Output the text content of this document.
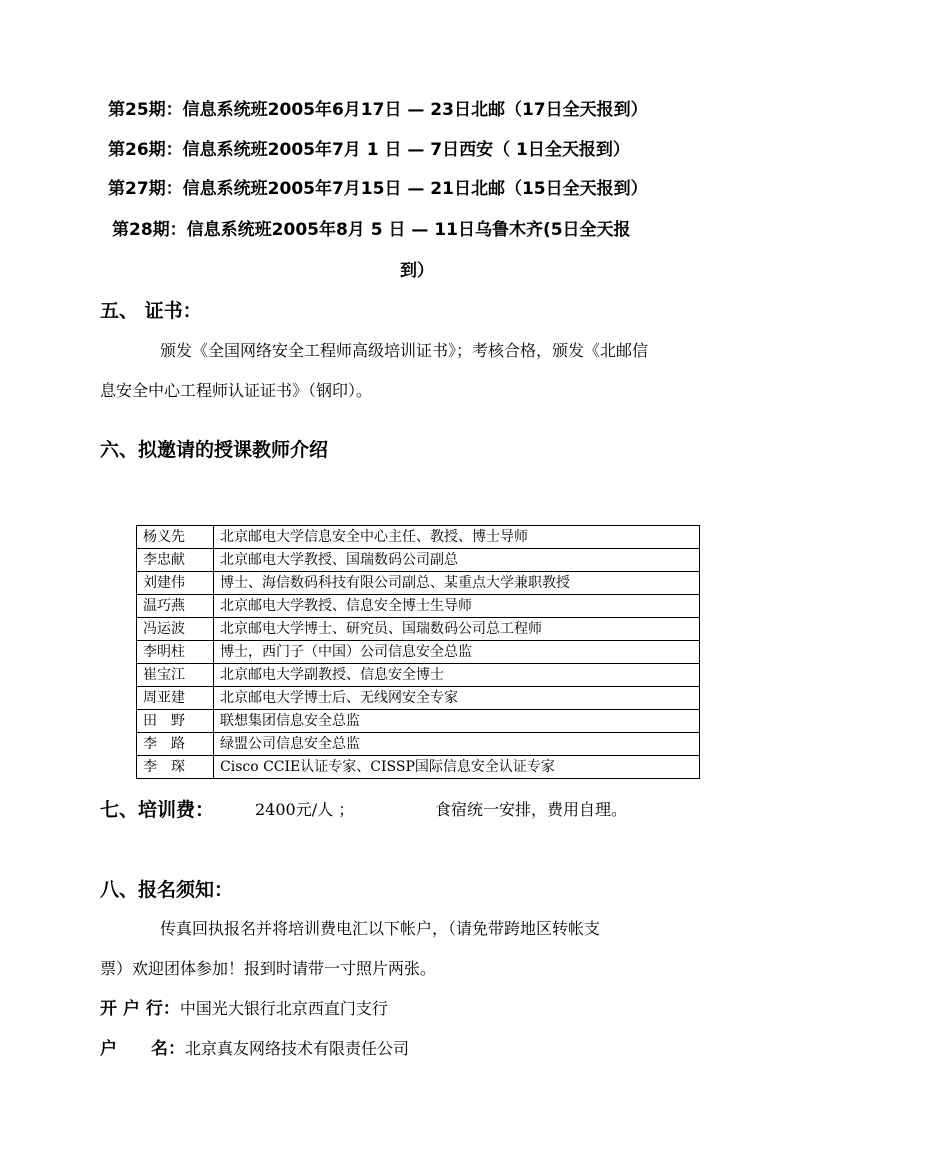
第25期：信息系统班2005年6月17日 — 23日北邮（17日全天报到）
第26期：信息系统班2005年7月 1 日 — 7日西安（ 1日全天报到）
第27期：信息系统班2005年7月15日 — 21日北邮（15日全天报到）
第28期：信息系统班2005年8月 5 日 — 11日乌鲁木齐(5日全天报
到）
五、 证书：
颁发《全国网络安全工程师高级培训证书》；考核合格，颁发《北邮信
息安全中心工程师认证证书》（钢印）。
六、拟邀请的授课教师介绍
杨义先	北京邮电大学信息安全中心主任、教授、博士导师
李忠献	北京邮电大学教授、国瑞数码公司副总
刘建伟	博士、海信数码科技有限公司副总、某重点大学兼职教授
温巧燕	北京邮电大学教授、信息安全博士生导师
冯运波	北京邮电大学博士、研究员、国瑞数码公司总工程师
李明柱	博士，西门子（中国）公司信息安全总监
崔宝江	北京邮电大学副教授、信息安全博士
周亚建	北京邮电大学博士后、无线网安全专家
田　野	联想集团信息安全总监
李　路	绿盟公司信息安全总监
李　琛	Cisco CCIE认证专家、CISSP国际信息安全认证专家
七、培训费：	2400元/人 ；	食宿统一安排，费用自理。
八、报名须知：
传真回执报名并将培训费电汇以下帐户，（请免带跨地区转帐支
票）欢迎团体参加！报到时请带一寸照片两张。
开 户 行：中国光大银行北京西直门支行
户　　名：北京真友网络技术有限责任公司
